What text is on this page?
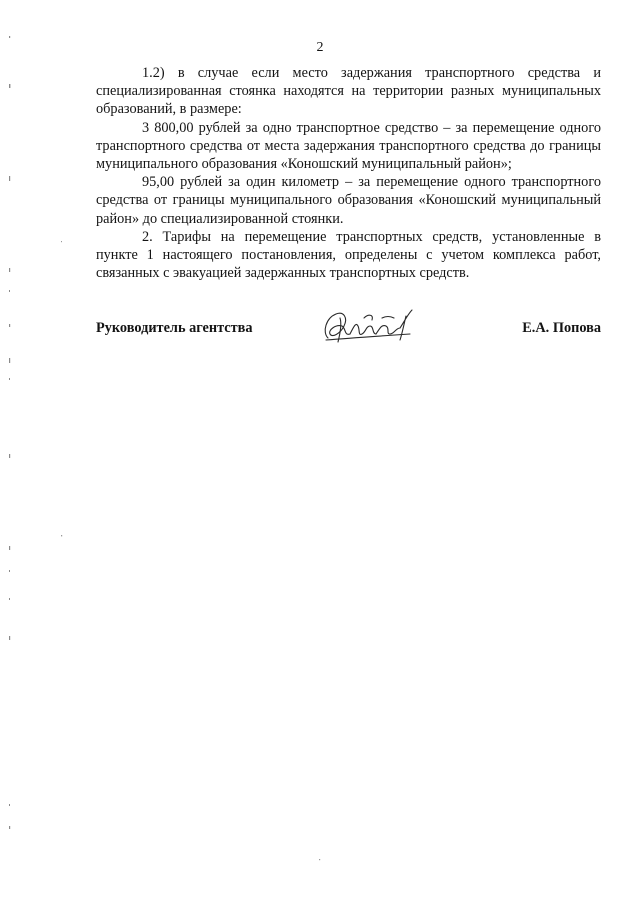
2

1.2) в случае если место задержания транспортного средства и специализированная стоянка находятся на территории разных муниципальных образований, в размере:

3 800,00 рублей за одно транспортное средство – за перемещение одного транспортного средства от места задержания транспортного средства до границы муниципального образования «Коношский муниципальный район»;

95,00 рублей за один километр – за перемещение одного транспортного средства от границы муниципального образования «Коношский муниципальный район» до специализированной стоянки.

2. Тарифы на перемещение транспортных средств, установленные в пункте 1 настоящего постановления, определены с учетом комплекса работ, связанных с эвакуацией задержанных транспортных средств.

Руководитель агентства	Е.А. Попова
